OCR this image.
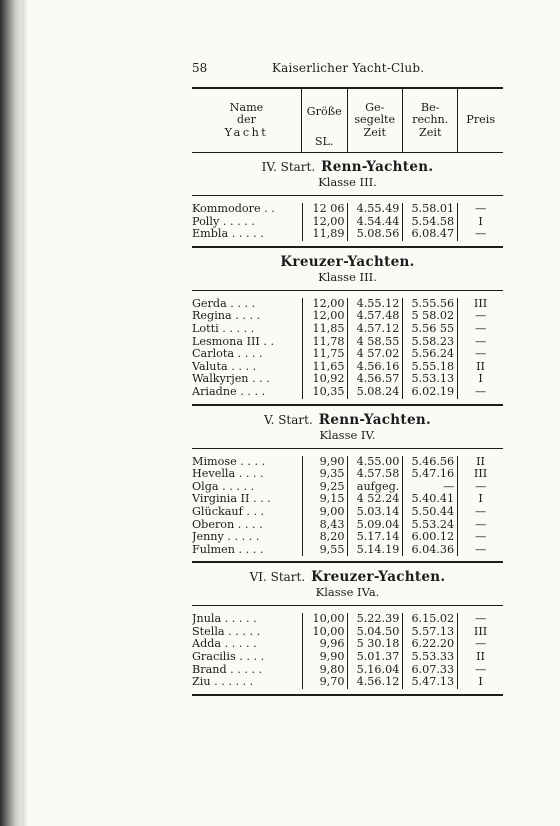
58	Kaiserlicher Yacht-Club.
Name
der
Yacht
Größe
SL.
Ge-
segelte
Zeit
Be-
rechn.
Zeit
Preis
IV. Start. Renn-Yachten.
Klasse III.
Kommodore . .
Polly . . . . .
Embla . . . . .
12 06
12,00
11,89
4.55.49
4.54.44
5.08.56
5.58.01
5.54.58
6.08.47
—
I
—
Kreuzer-Yachten.
Klasse III.
Gerda . . . .
Regina . . . .
Lotti . . . . .
Lesmona III . .
Carlota . . . .
Valuta . . . .
Walkyrjen . . .
Ariadne . . . .
12,00
12,00
11,85
11,78
11,75
11,65
10,92
10,35
4.55.12
4.57.48
4.57.12
4 58.55
4 57.02
4.56.16
4.56.57
5.08.24
5.55.56
5 58.02
5.56 55
5.58.23
5.56.24
5.55.18
5.53.13
6.02.19
III
—
—
—
—
II
I
—
V. Start. Renn-Yachten.
Klasse IV.
Mimose . . . .
Hevella . . . .
Olga . . . . .
Virginia II . . .
Glückauf . . .
Oberon . . . .
Jenny . . . . .
Fulmen . . . .
9,90
9,35
9,25
9,15
9,00
8,43
8,20
9,55
4.55.00
4.57.58
aufgeg.
4 52.24
5.03.14
5.09.04
5.17.14
5.14.19
5.46.56
5.47.16
—
5.40.41
5.50.44
5.53.24
6.00.12
6.04.36
II
III
—
I
—
—
—
—
VI. Start. Kreuzer-Yachten.
Klasse IVa.
Jnula . . . . .
Stella . . . . .
Adda . . . . .
Gracilis . . . .
Brand . . . . .
Ziu . . . . . .
10,00
10,00
9,96
9,90
9,80
9,70
5.22.39
5.04.50
5 30.18
5.01.37
5.16.04
4.56.12
6.15.02
5.57.13
6.22.20
5.53.33
6.07.33
5.47.13
—
III
—
II
—
I
